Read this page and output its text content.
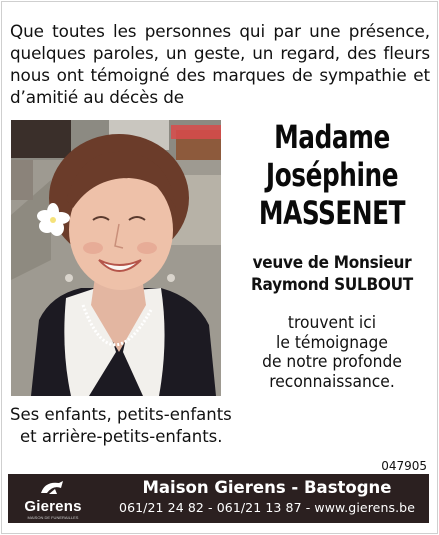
Que toutes les personnes qui par une présence, quelques paroles, un geste, un regard, des fleurs nous ont témoigné des marques de sympathie et d’amitié au décès de
Madame
Joséphine
MASSENET
veuve de Monsieur
Raymond SULBOUT
trouvent ici
le témoignage
de notre profonde
reconnaissance.
Ses enfants, petits-enfants
et arrière-petits-enfants.
047905
Gierens
MAISON DE FUNERAILLES
Maison Gierens - Bastogne
061/21 24 82 - 061/21 13 87 - www.gierens.be
